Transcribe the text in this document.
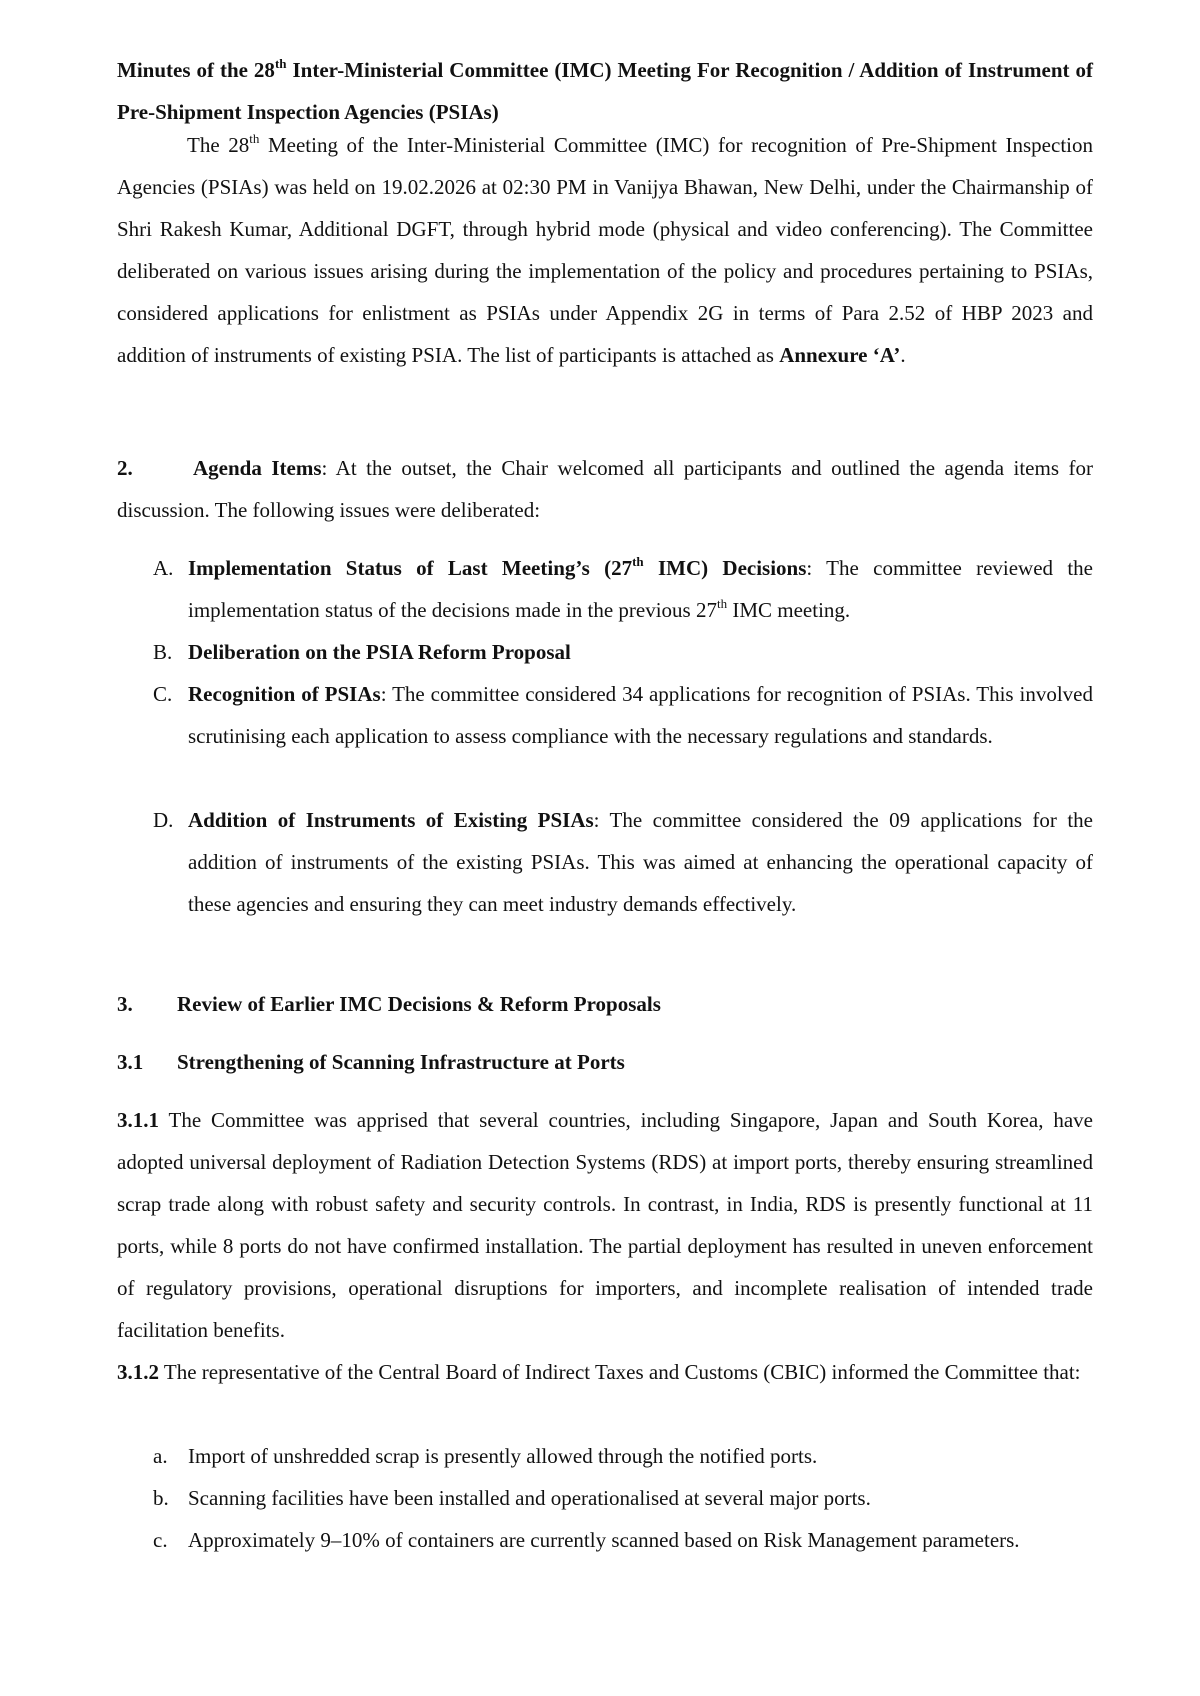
Minutes of the 28th Inter-Ministerial Committee (IMC) Meeting For Recognition / Addition of Instrument of Pre-Shipment Inspection Agencies (PSIAs)
The 28th Meeting of the Inter-Ministerial Committee (IMC) for recognition of Pre-Shipment Inspection Agencies (PSIAs) was held on 19.02.2026 at 02:30 PM in Vanijya Bhawan, New Delhi, under the Chairmanship of Shri Rakesh Kumar, Additional DGFT, through hybrid mode (physical and video conferencing). The Committee deliberated on various issues arising during the implementation of the policy and procedures pertaining to PSIAs, considered applications for enlistment as PSIAs under Appendix 2G in terms of Para 2.52 of HBP 2023 and addition of instruments of existing PSIA. The list of participants is attached as Annexure ‘A’.
2.	Agenda Items: At the outset, the Chair welcomed all participants and outlined the agenda items for discussion. The following issues were deliberated:
A. Implementation Status of Last Meeting’s (27th IMC) Decisions: The committee reviewed the implementation status of the decisions made in the previous 27th IMC meeting.
B. Deliberation on the PSIA Reform Proposal
C. Recognition of PSIAs: The committee considered 34 applications for recognition of PSIAs. This involved scrutinising each application to assess compliance with the necessary regulations and standards.
D. Addition of Instruments of Existing PSIAs: The committee considered the 09 applications for the addition of instruments of the existing PSIAs. This was aimed at enhancing the operational capacity of these agencies and ensuring they can meet industry demands effectively.
3. Review of Earlier IMC Decisions & Reform Proposals
3.1 Strengthening of Scanning Infrastructure at Ports
3.1.1 The Committee was apprised that several countries, including Singapore, Japan and South Korea, have adopted universal deployment of Radiation Detection Systems (RDS) at import ports, thereby ensuring streamlined scrap trade along with robust safety and security controls. In contrast, in India, RDS is presently functional at 11 ports, while 8 ports do not have confirmed installation. The partial deployment has resulted in uneven enforcement of regulatory provisions, operational disruptions for importers, and incomplete realisation of intended trade facilitation benefits.
3.1.2 The representative of the Central Board of Indirect Taxes and Customs (CBIC) informed the Committee that:
a. Import of unshredded scrap is presently allowed through the notified ports.
b. Scanning facilities have been installed and operationalised at several major ports.
c. Approximately 9–10% of containers are currently scanned based on Risk Management parameters.
